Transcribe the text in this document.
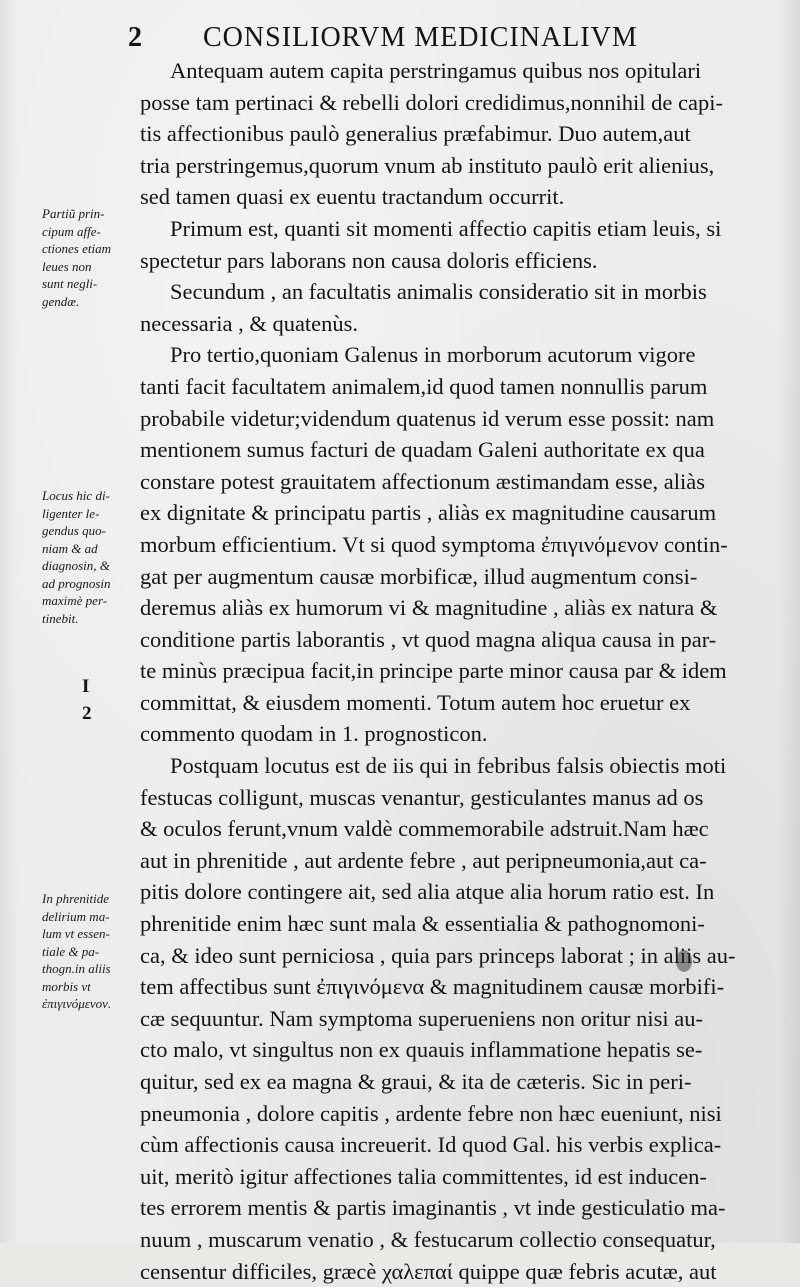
2 CONSILIORVM MEDICINALIVM
Partiũ prin-
cipum affe-
ctiones etiam
leues non
sunt negli-
gendæ.
Locus hic di-
ligenter le-
gendus quo-
niam & ad
diagnosin, &
ad prognosin
maximè per-
tinebit.
I
2
In phrenitide
delirium ma-
lum vt essen-
tiale & pa-
thogn.in aliis
morbis vt
ἐπιγινόμενον.
Antequam autem capita perstringamus quibus nos opitulari
posse tam pertinaci & rebelli dolori credidimus,nonnihil de capi-
tis affectionibus paulò generalius præfabimur. Duo autem,aut
tria perstringemus,quorum vnum ab instituto paulò erit alienius,
sed tamen quasi ex euentu tractandum occurrit.
Primum est, quanti sit momenti affectio capitis etiam leuis, si
spectetur pars laborans non causa doloris efficiens.
Secundum , an facultatis animalis consideratio sit in morbis
necessaria , & quatenùs.
Pro tertio,quoniam Galenus in morborum acutorum vigore
tanti facit facultatem animalem,id quod tamen nonnullis parum
probabile videtur;videndum quatenus id verum esse possit: nam
mentionem sumus facturi de quadam Galeni authoritate ex qua
constare potest grauitatem affectionum æstimandam esse, aliàs
ex dignitate & principatu partis , aliàs ex magnitudine causarum
morbum efficientium. Vt si quod symptoma ἐπιγινόμενον contin-
gat per augmentum causæ morbificæ, illud augmentum consi-
deremus aliàs ex humorum vi & magnitudine , aliàs ex natura &
conditione partis laborantis , vt quod magna aliqua causa in par-
te minùs præcipua facit,in principe parte minor causa par & idem
committat, & eiusdem momenti. Totum autem hoc eruetur ex
commento quodam in 1. prognosticon.
Postquam locutus est de iis qui in febribus falsis obiectis moti
festucas colligunt, muscas venantur, gesticulantes manus ad os
& oculos ferunt,vnum valdè commemorabile adstruit.Nam hæc
aut in phrenitide , aut ardente febre , aut peripneumonia,aut ca-
pitis dolore contingere ait, sed alia atque alia horum ratio est. In
phrenitide enim hæc sunt mala & essentialia & pathognomoni-
ca, & ideo sunt perniciosa , quia pars princeps laborat ; in aliis au-
tem affectibus sunt ἐπιγινόμενα & magnitudinem causæ morbifi-
cæ sequuntur. Nam symptoma superueniens non oritur nisi au-
cto malo, vt singultus non ex quauis inflammatione hepatis se-
quitur, sed ex ea magna & graui, & ita de cæteris. Sic in peri-
pneumonia , dolore capitis , ardente febre non hæc eueniunt, nisi
cùm affectionis causa increuerit. Id quod Gal. his verbis explica-
uit, meritò igitur affectiones talia committentes, id est inducen-
tes errorem mentis & partis imaginantis , vt inde gesticulatio ma-
nuum , muscarum venatio , & festucarum collectio consequatur,
censentur difficiles, græcè χαλεπαί quippe quæ febris acutæ, aut
